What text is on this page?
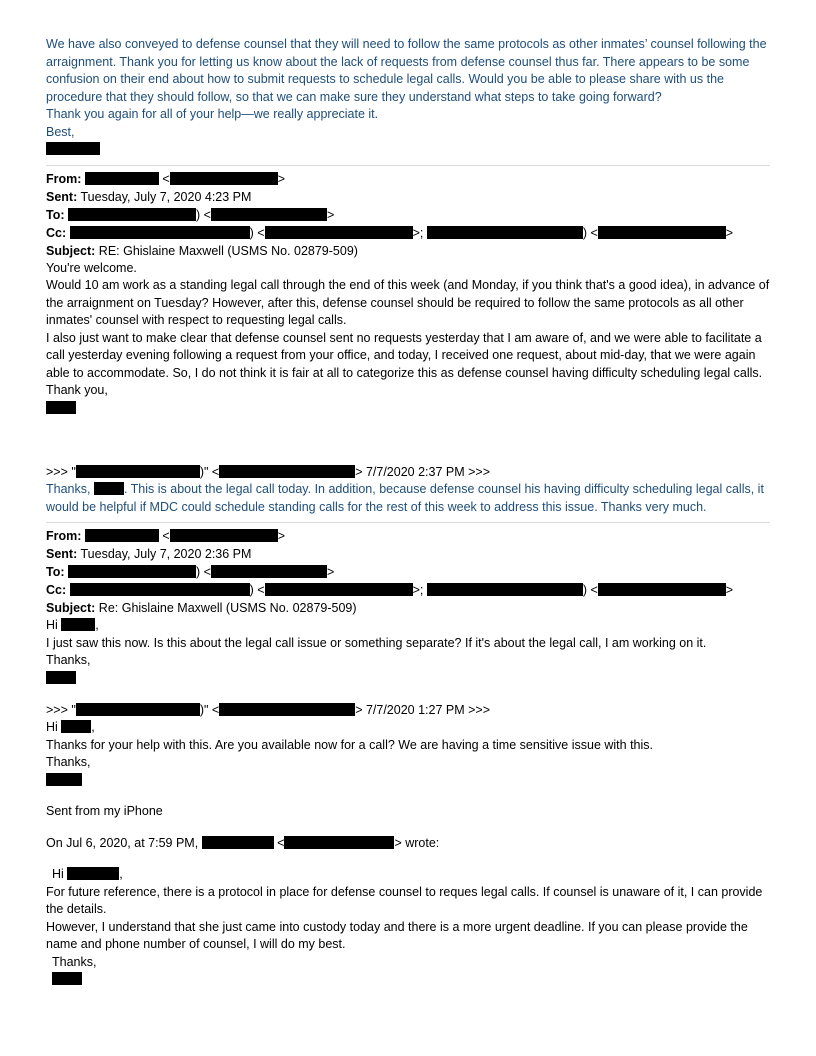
We have also conveyed to defense counsel that they will need to follow the same protocols as other inmates’ counsel following the arraignment. Thank you for letting us know about the lack of requests from defense counsel thus far. There appears to be some confusion on their end about how to submit requests to schedule legal calls. Would you be able to please share with us the procedure that they should follow, so that we can make sure they understand what steps to take going forward?

Thank you again for all of your help—we really appreciate it.

Best,

From:	<	>

Sent: Tuesday, July 7, 2020 4:23 PM

To:	) <	>

Cc:	) <	>;	) <	>

Subject: RE: Ghislaine Maxwell (USMS No. 02879-509)

You're welcome.

Would 10 am work as a standing legal call through the end of this week (and Monday, if you think that's a good idea), in advance of the arraignment on Tuesday? However, after this, defense counsel should be required to follow the same protocols as all other inmates' counsel with respect to requesting legal calls.

I also just want to make clear that defense counsel sent no requests yesterday that I am aware of, and we were able to facilitate a call yesterday evening following a request from your office, and today, I received one request, about mid-day, that we were again able to accommodate. So, I do not think it is fair at all to categorize this as defense counsel having difficulty scheduling legal calls.

Thank you,

>>> "	)" <	> 7/7/2020 2:37 PM >>>

Thanks,	. This is about the legal call today. In addition, because defense counsel his having difficulty scheduling legal calls, it would be helpful if MDC could schedule standing calls for the rest of this week to address this issue. Thanks very much.

From:	<	>

Sent: Tuesday, July 7, 2020 2:36 PM

To:	) <	>

Cc:	) <	>;	) <	>

Subject: Re: Ghislaine Maxwell (USMS No. 02879-509)

Hi	,

I just saw this now. Is this about the legal call issue or something separate? If it's about the legal call, I am working on it.

Thanks,

>>> "	)" <	> 7/7/2020 1:27 PM >>>

Hi	,

Thanks for your help with this. Are you available now for a call? We are having a time sensitive issue with this.

Thanks,

Sent from my iPhone

On Jul 6, 2020, at 7:59 PM,	<	> wrote:

Hi	,

For future reference, there is a protocol in place for defense counsel to reques legal calls. If counsel is unaware of it, I can provide the details.

However, I understand that she just came into custody today and there is a more urgent deadline. If you can please provide the name and phone number of counsel, I will do my best.

Thanks,
